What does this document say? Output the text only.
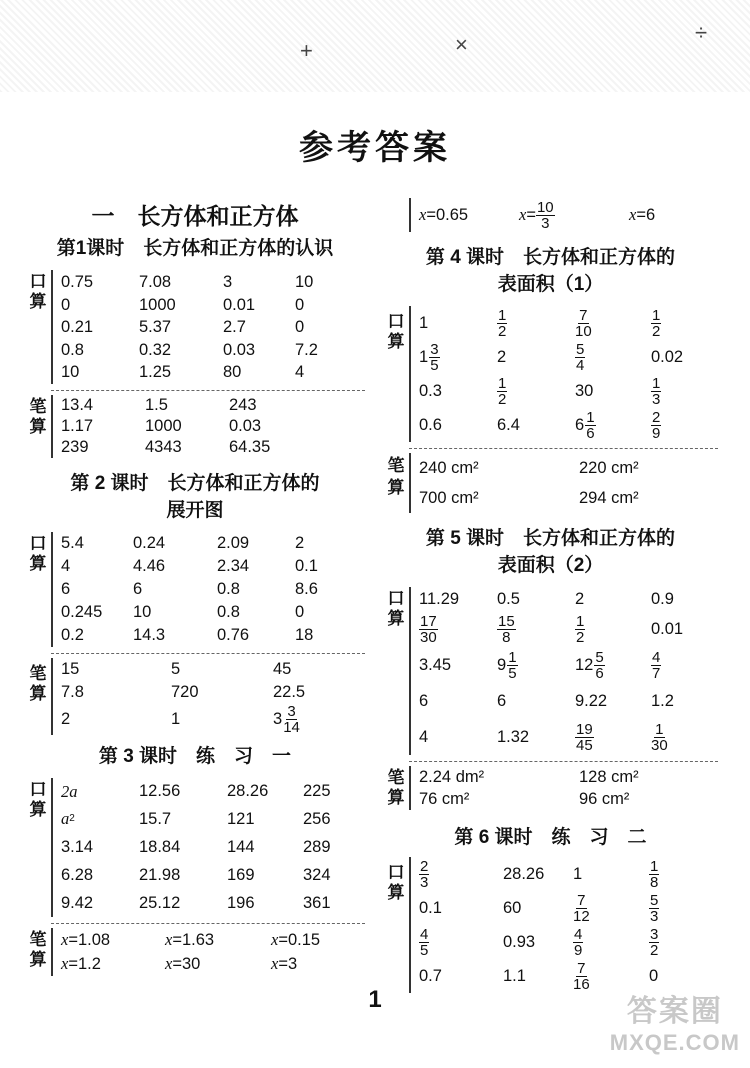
+	×	÷
参考答案
一　长方体和正方体
第1课时　长方体和正方体的认识
口
算
0.75	7.08	3	10
0	1000	0.01	0
0.21	5.37	2.7	0
0.8	0.32	0.03	7.2
10	1.25	80	4
笔
算
13.4	1.5	243
1.17	1000	0.03
239	4343	64.35
第 2 课时　长方体和正方体的
展开图
口
算
5.4	0.24	2.09	2
4	4.46	2.34	0.1
6	6	0.8	8.6
0.245	10	0.8	0
0.2	14.3	0.76	18
笔
算
15	5	45
7.8	720	22.5
2	1	$3 \frac{3}{14}$
第 3 课时　练　习　一
口
算
2a	12.56	28.26	225
a 2	15.7	121	256
3.14	18.84	144	289
6.28	21.98	169	324
9.42	25.12	196	361
笔
算
x =1.08	x =1.63	x =0.15
x =1.2	x =30	x =3
x =0.65	$x = \frac{10}{3}$	x =6
第 4 课时　长方体和正方体的
表面积（1）
口
算
1	$\frac{1}{2}$	$\frac{7}{10}$	$\frac{1}{2}$
$1 \frac{3}{5}$	2	$\frac{5}{4}$	0.02
0.3	$\frac{1}{2}$	30	$\frac{1}{3}$
0.6	6.4	$6 \frac{1}{6}$	$\frac{2}{9}$
笔
算
240 cm²	220 cm²
700 cm²	294 cm²
第 5 课时　长方体和正方体的
表面积（2）
口
算
11.29	0.5	2	0.9
$\frac{17}{30}$	$\frac{15}{8}$	$\frac{1}{2}$	0.01
3.45	$9 \frac{1}{5}$	$12 \frac{5}{6}$	$\frac{4}{7}$
6	6	9.22	1.2
4	1.32	$\frac{19}{45}$	$\frac{1}{30}$
笔
算
2.24 dm²	128 cm²
76 cm²	96 cm²
第 6 课时　练　习　二
口
算
$\frac{2}{3}$	28.26	1	$\frac{1}{8}$
0.1	60	$\frac{7}{12}$	$\frac{5}{3}$
$\frac{4}{5}$	0.93	$\frac{4}{9}$	$\frac{3}{2}$
0.7	1.1	$\frac{7}{16}$	0
1	答案圈
MXQE.COM
